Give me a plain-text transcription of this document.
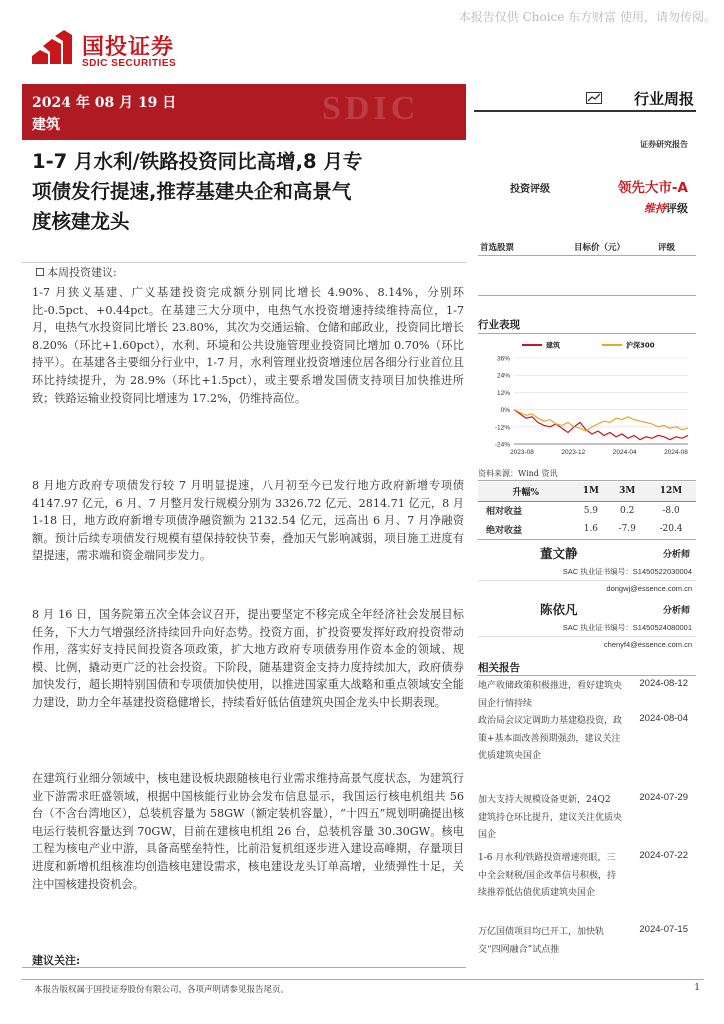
本报告仅供 Choice 东方财富 使用，请勿传阅。
国投证券
SDIC SECURITIES
SDIC
2024 年 08 月 19 日
建筑
行业周报
证券研究报告
1-7 月水利/铁路投资同比高增,8 月专
项债发行提速,推荐基建央企和高景气
度核建龙头
投资评级	领先大市-A
维持评级
本周投资建议:
1-7 月狭义基建、广义基建投资完成额分别同比增长 4.90%、8.14%，分别环比-0.5pct、+0.44pct。在基建三大分项中，电热气水投资增速持续维持高位，1-7 月，电热气水投资同比增长 23.80%，其次为交通运输、仓储和邮政业，投资同比增长 8.20%（环比+1.60pct），水利、环境和公共设施管理业投资同比增加 0.70%（环比持平）。在基建各主要细分行业中，1-7 月，水利管理业投资增速位居各细分行业首位且环比持续提升，为 28.9%（环比+1.5pct），或主要系增发国债支持项目加快推进所致；铁路运输业投资同比增速为 17.2%，仍维持高位。
8 月地方政府专项债发行较 7 月明显提速，八月初至今已发行地方政府新增专项债 4147.97 亿元，6 月、7 月整月发行规模分别为 3326.72 亿元、2814.71 亿元，8 月 1-18 日，地方政府新增专项债净融资额为 2132.54 亿元，远高出 6 月、7 月净融资额。预计后续专项债发行规模有望保持较快节奏，叠加天气影响减弱，项目施工进度有望提速，需求端和资金端同步发力。
8 月 16 日，国务院第五次全体会议召开，提出要坚定不移完成全年经济社会发展目标任务，下大力气增强经济持续回升向好态势。投资方面，扩投资要发挥好政府投资带动作用，落实好支持民间投资各项政策，扩大地方政府专项债券用作资本金的领域、规模、比例，撬动更广泛的社会投资。下阶段，随基建资金支持力度持续加大，政府债券加快发行，超长期特别国债和专项债加快使用，以推进国家重大战略和重点领域安全能力建设，助力全年基建投资稳健增长，持续看好低估值建筑央国企龙头中长期表现。
在建筑行业细分领域中，核电建设板块跟随核电行业需求维持高景气度状态，为建筑行业下游需求旺盛领域，根据中国核能行业协会发布信息显示，我国运行核电机组共 56 台（不含台湾地区），总装机容量为 58GW（额定装机容量），“十四五”规划明确提出核电运行装机容量达到 70GW，目前在建核电机组 26 台，总装机容量 30.30GW。核电工程为核电产业中游，具备高壁垒特性，比前沿复机组逐步进入建设高峰期，存量项目进度和新增机组核准均创造核电建设需求，核电建设龙头订单高增，业绩弹性十足，关注中国核建投资机会。
建议关注:
本报告版权属于国投证券股份有限公司，各项声明请参见报告尾页。	1
首选股票	目标价（元）	评级
行业表现
36%
24%
12%
0%
-12%
-24%
2023-08	2023-12	2024-04	2024-08
建筑	沪深300
资料来源：Wind 资讯
升幅%	1M	3M	12M
相对收益	5.9	0.2	-8.0
绝对收益	1.6	-7.9	-20.4
董文静	分析师
SAC 执业证书编号：S1450522030004
dongwj@essence.com.cn
陈依凡	分析师
SAC 执业证书编号：S1450524080001
chenyf4@essence.com.cn
相关报告
地产收储政策积极推进，看好建筑央国企行情持续
2024-08-12
政治局会议定调助力基建稳投资，政策+基本面改善预期强劲，建议关注优质建筑央国企
2024-08-04
加大支持大规模设备更新，24Q2 建筑持仓环比提升，建议关注优质央国企
2024-07-29
1-6 月水利/铁路投资增速亮眼，三中全会财税/国企改革信号积极，持续推荐低估值优质建筑央国企
2024-07-22
万亿国债项目均已开工，加快轨交“四网融合”试点推
2024-07-15
